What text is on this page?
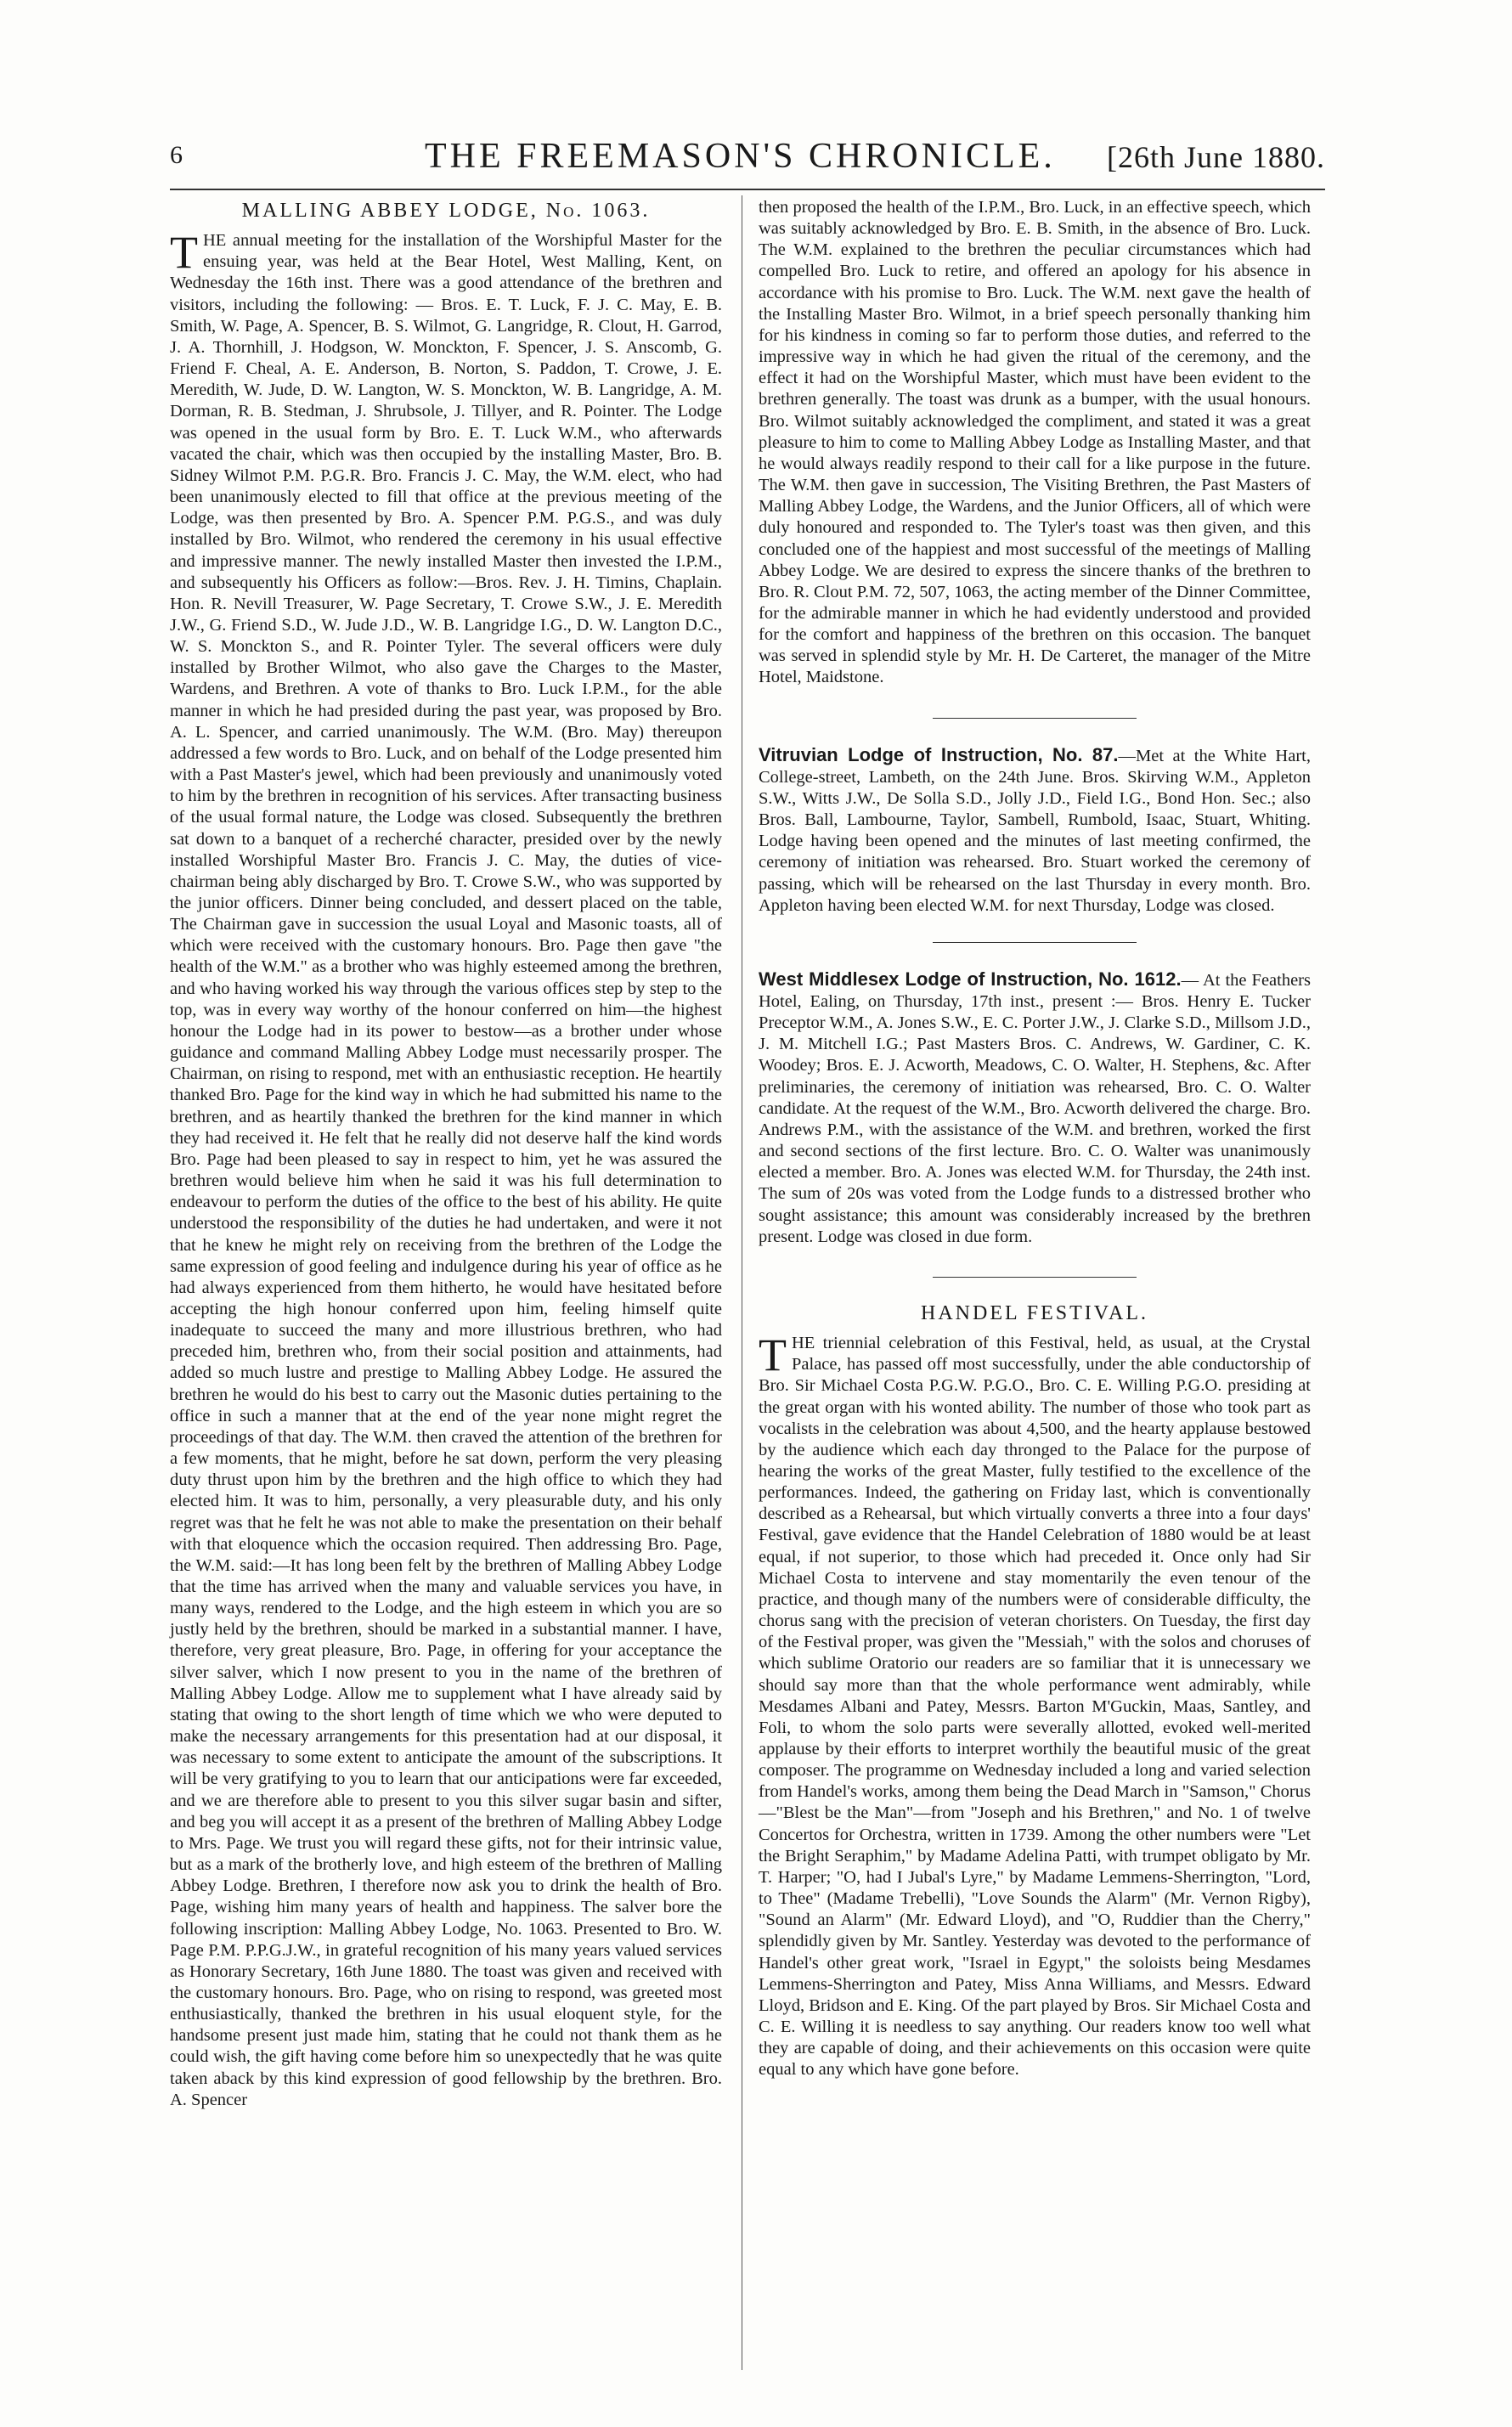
6	THE FREEMASON'S CHRONICLE. [26th June 1880.
MALLING ABBEY LODGE, No. 1063.

THE annual meeting for the installation of the Worshipful Master for the ensuing year, was held at the Bear Hotel, West Malling, Kent, on Wednesday the 16th inst. There was a good attendance of the brethren and visitors, including the following: — Bros. E. T. Luck, F. J. C. May, E. B. Smith, W. Page, A. Spencer, B. S. Wilmot, G. Langridge, R. Clout, H. Garrod, J. A. Thornhill, J. Hodgson, W. Monckton, F. Spencer, J. S. Anscomb, G. Friend F. Cheal, A. E. Anderson, B. Norton, S. Paddon, T. Crowe, J. E. Meredith, W. Jude, D. W. Langton, W. S. Monckton, W. B. Langridge, A. M. Dorman, R. B. Stedman, J. Shrubsole, J. Tillyer, and R. Pointer. The Lodge was opened in the usual form by Bro. E. T. Luck W.M., who afterwards vacated the chair, which was then occupied by the installing Master, Bro. B. Sidney Wilmot P.M. P.G.R. Bro. Francis J. C. May, the W.M. elect, who had been unanimously elected to fill that office at the previous meeting of the Lodge, was then presented by Bro. A. Spencer P.M. P.G.S., and was duly installed by Bro. Wilmot, who rendered the ceremony in his usual effective and impressive manner. The newly installed Master then invested the I.P.M., and subsequently his Officers as follow:—Bros. Rev. J. H. Timins, Chaplain. Hon. R. Nevill Treasurer, W. Page Secretary, T. Crowe S.W., J. E. Meredith J.W., G. Friend S.D., W. Jude J.D., W. B. Langridge I.G., D. W. Langton D.C., W. S. Monckton S., and R. Pointer Tyler. The several officers were duly installed by Brother Wilmot, who also gave the Charges to the Master, Wardens, and Brethren. A vote of thanks to Bro. Luck I.P.M., for the able manner in which he had presided during the past year, was proposed by Bro. A. L. Spencer, and carried unanimously. The W.M. (Bro. May) thereupon addressed a few words to Bro. Luck, and on behalf of the Lodge presented him with a Past Master's jewel, which had been previously and unanimously voted to him by the brethren in recognition of his services. After transacting business of the usual formal nature, the Lodge was closed. Subsequently the brethren sat down to a banquet of a recherché character, presided over by the newly installed Worshipful Master Bro. Francis J. C. May, the duties of vice-chairman being ably discharged by Bro. T. Crowe S.W., who was supported by the junior officers. Dinner being concluded, and dessert placed on the table, The Chairman gave in succession the usual Loyal and Masonic toasts, all of which were received with the customary honours. Bro. Page then gave "the health of the W.M." as a brother who was highly esteemed among the brethren, and who having worked his way through the various offices step by step to the top, was in every way worthy of the honour conferred on him—the highest honour the Lodge had in its power to bestow—as a brother under whose guidance and command Malling Abbey Lodge must necessarily prosper. The Chairman, on rising to respond, met with an enthusiastic reception. He heartily thanked Bro. Page for the kind way in which he had submitted his name to the brethren, and as heartily thanked the brethren for the kind manner in which they had received it. He felt that he really did not deserve half the kind words Bro. Page had been pleased to say in respect to him, yet he was assured the brethren would believe him when he said it was his full determination to endeavour to perform the duties of the office to the best of his ability. He quite understood the responsibility of the duties he had undertaken, and were it not that he knew he might rely on receiving from the brethren of the Lodge the same expression of good feeling and indulgence during his year of office as he had always experienced from them hitherto, he would have hesitated before accepting the high honour conferred upon him, feeling himself quite inadequate to succeed the many and more illustrious brethren, who had preceded him, brethren who, from their social position and attainments, had added so much lustre and prestige to Malling Abbey Lodge. He assured the brethren he would do his best to carry out the Masonic duties pertaining to the office in such a manner that at the end of the year none might regret the proceedings of that day. The W.M. then craved the attention of the brethren for a few moments, that he might, before he sat down, perform the very pleasing duty thrust upon him by the brethren and the high office to which they had elected him. It was to him, personally, a very pleasurable duty, and his only regret was that he felt he was not able to make the presentation on their behalf with that eloquence which the occasion required. Then addressing Bro. Page, the W.M. said:—It has long been felt by the brethren of Malling Abbey Lodge that the time has arrived when the many and valuable services you have, in many ways, rendered to the Lodge, and the high esteem in which you are so justly held by the brethren, should be marked in a substantial manner. I have, therefore, very great pleasure, Bro. Page, in offering for your acceptance the silver salver, which I now present to you in the name of the brethren of Malling Abbey Lodge. Allow me to supplement what I have already said by stating that owing to the short length of time which we who were deputed to make the necessary arrangements for this presentation had at our disposal, it was necessary to some extent to anticipate the amount of the subscriptions. It will be very gratifying to you to learn that our anticipations were far exceeded, and we are therefore able to present to you this silver sugar basin and sifter, and beg you will accept it as a present of the brethren of Malling Abbey Lodge to Mrs. Page. We trust you will regard these gifts, not for their intrinsic value, but as a mark of the brotherly love, and high esteem of the brethren of Malling Abbey Lodge. Brethren, I therefore now ask you to drink the health of Bro. Page, wishing him many years of health and happiness. The salver bore the following inscription: Malling Abbey Lodge, No. 1063. Presented to Bro. W. Page P.M. P.P.G.J.W., in grateful recognition of his many years valued services as Honorary Secretary, 16th June 1880. The toast was given and received with the customary honours. Bro. Page, who on rising to respond, was greeted most enthusiastically, thanked the brethren in his usual eloquent style, for the handsome present just made him, stating that he could not thank them as he could wish, the gift having come before him so unexpectedly that he was quite taken aback by this kind expression of good fellowship by the brethren. Bro. A. Spencer

then proposed the health of the I.P.M., Bro. Luck, in an effective speech, which was suitably acknowledged by Bro. E. B. Smith, in the absence of Bro. Luck. The W.M. explained to the brethren the peculiar circumstances which had compelled Bro. Luck to retire, and offered an apology for his absence in accordance with his promise to Bro. Luck. The W.M. next gave the health of the Installing Master Bro. Wilmot, in a brief speech personally thanking him for his kindness in coming so far to perform those duties, and referred to the impressive way in which he had given the ritual of the ceremony, and the effect it had on the Worshipful Master, which must have been evident to the brethren generally. The toast was drunk as a bumper, with the usual honours. Bro. Wilmot suitably acknowledged the compliment, and stated it was a great pleasure to him to come to Malling Abbey Lodge as Installing Master, and that he would always readily respond to their call for a like purpose in the future. The W.M. then gave in succession, The Visiting Brethren, the Past Masters of Malling Abbey Lodge, the Wardens, and the Junior Officers, all of which were duly honoured and responded to. The Tyler's toast was then given, and this concluded one of the happiest and most successful of the meetings of Malling Abbey Lodge. We are desired to express the sincere thanks of the brethren to Bro. R. Clout P.M. 72, 507, 1063, the acting member of the Dinner Committee, for the admirable manner in which he had evidently understood and provided for the comfort and happiness of the brethren on this occasion. The banquet was served in splendid style by Mr. H. De Carteret, the manager of the Mitre Hotel, Maidstone.

Vitruvian Lodge of Instruction, No. 87.—Met at the White Hart, College-street, Lambeth, on the 24th June. Bros. Skirving W.M., Appleton S.W., Witts J.W., De Solla S.D., Jolly J.D., Field I.G., Bond Hon. Sec.; also Bros. Ball, Lambourne, Taylor, Sambell, Rumbold, Isaac, Stuart, Whiting. Lodge having been opened and the minutes of last meeting confirmed, the ceremony of initiation was rehearsed. Bro. Stuart worked the ceremony of passing, which will be rehearsed on the last Thursday in every month. Bro. Appleton having been elected W.M. for next Thursday, Lodge was closed.

West Middlesex Lodge of Instruction, No. 1612.— At the Feathers Hotel, Ealing, on Thursday, 17th inst., present :— Bros. Henry E. Tucker Preceptor W.M., A. Jones S.W., E. C. Porter J.W., J. Clarke S.D., Millsom J.D., J. M. Mitchell I.G.; Past Masters Bros. C. Andrews, W. Gardiner, C. K. Woodey; Bros. E. J. Acworth, Meadows, C. O. Walter, H. Stephens, &c. After preliminaries, the ceremony of initiation was rehearsed, Bro. C. O. Walter candidate. At the request of the W.M., Bro. Acworth delivered the charge. Bro. Andrews P.M., with the assistance of the W.M. and brethren, worked the first and second sections of the first lecture. Bro. C. O. Walter was unanimously elected a member. Bro. A. Jones was elected W.M. for Thursday, the 24th inst. The sum of 20s was voted from the Lodge funds to a distressed brother who sought assistance; this amount was considerably increased by the brethren present. Lodge was closed in due form.

HANDEL FESTIVAL.

THE triennial celebration of this Festival, held, as usual, at the Crystal Palace, has passed off most successfully, under the able conductorship of Bro. Sir Michael Costa P.G.W. P.G.O., Bro. C. E. Willing P.G.O. presiding at the great organ with his wonted ability. The number of those who took part as vocalists in the celebration was about 4,500, and the hearty applause bestowed by the audience which each day thronged to the Palace for the purpose of hearing the works of the great Master, fully testified to the excellence of the performances. Indeed, the gathering on Friday last, which is conventionally described as a Rehearsal, but which virtually converts a three into a four days' Festival, gave evidence that the Handel Celebration of 1880 would be at least equal, if not superior, to those which had preceded it. Once only had Sir Michael Costa to intervene and stay momentarily the even tenour of the practice, and though many of the numbers were of considerable difficulty, the chorus sang with the precision of veteran choristers. On Tuesday, the first day of the Festival proper, was given the "Messiah," with the solos and choruses of which sublime Oratorio our readers are so familiar that it is unnecessary we should say more than that the whole performance went admirably, while Mesdames Albani and Patey, Messrs. Barton M'Guckin, Maas, Santley, and Foli, to whom the solo parts were severally allotted, evoked well-merited applause by their efforts to interpret worthily the beautiful music of the great composer. The programme on Wednesday included a long and varied selection from Handel's works, among them being the Dead March in "Samson," Chorus—"Blest be the Man"—from "Joseph and his Brethren," and No. 1 of twelve Concertos for Orchestra, written in 1739. Among the other numbers were "Let the Bright Seraphim," by Madame Adelina Patti, with trumpet obligato by Mr. T. Harper; "O, had I Jubal's Lyre," by Madame Lemmens-Sherrington, "Lord, to Thee" (Madame Trebelli), "Love Sounds the Alarm" (Mr. Vernon Rigby), "Sound an Alarm" (Mr. Edward Lloyd), and "O, Ruddier than the Cherry," splendidly given by Mr. Santley. Yesterday was devoted to the performance of Handel's other great work, "Israel in Egypt," the soloists being Mesdames Lemmens-Sherrington and Patey, Miss Anna Williams, and Messrs. Edward Lloyd, Bridson and E. King. Of the part played by Bros. Sir Michael Costa and C. E. Willing it is needless to say anything. Our readers know too well what they are capable of doing, and their achievements on this occasion were quite equal to any which have gone before.
